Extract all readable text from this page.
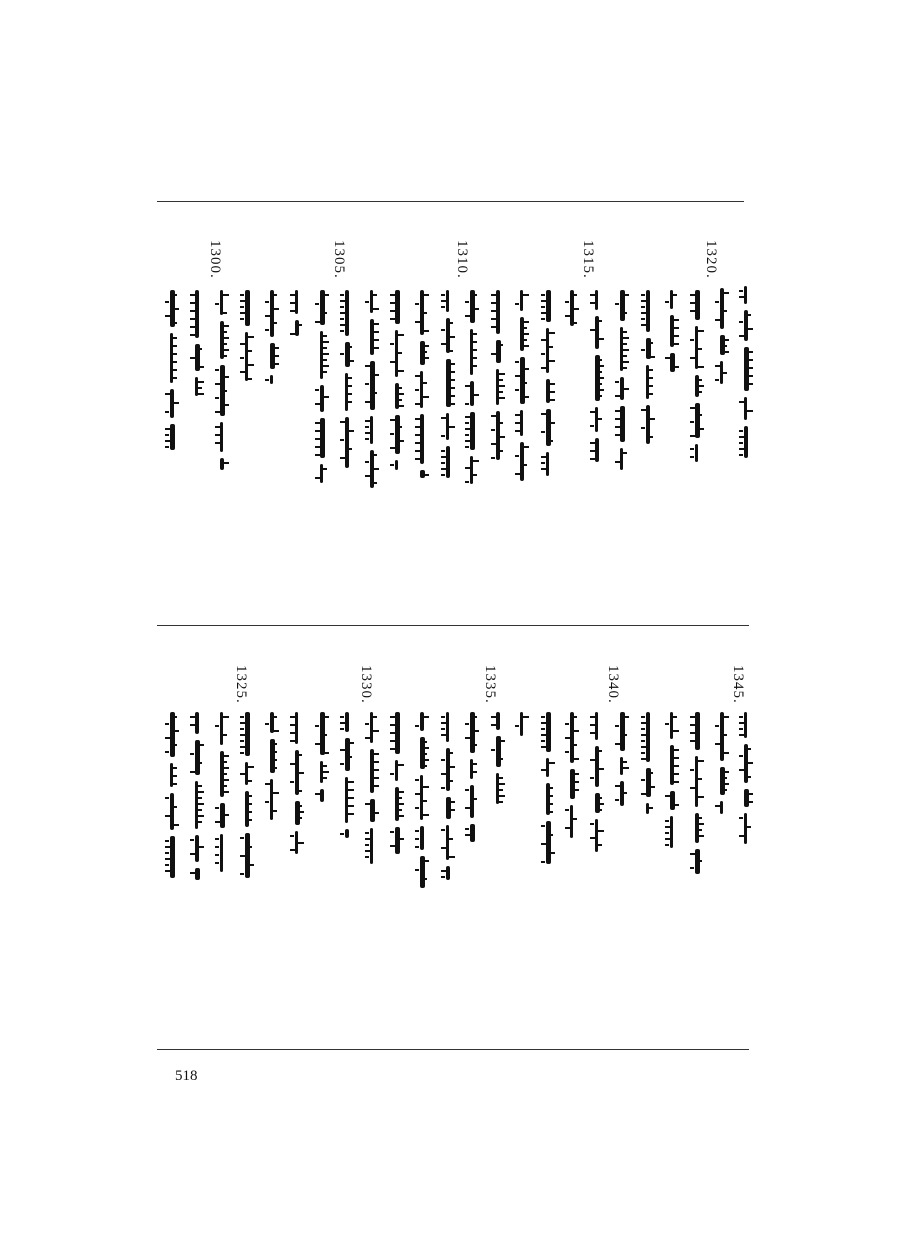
1320.
1315.
1310.
1305.
1300.
1345.
1340.
1335.
1330.
1325.
518
